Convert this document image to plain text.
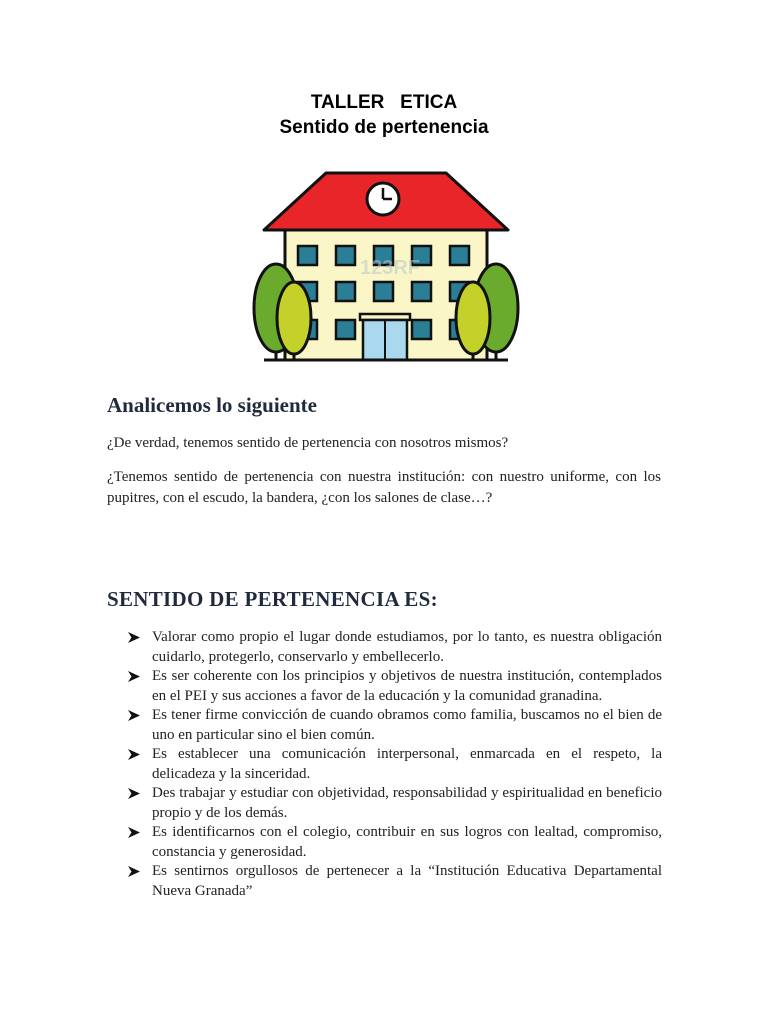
TALLER   ETICA
Sentido de pertenencia
123RF
Analicemos lo siguiente

¿De verdad, tenemos sentido de pertenencia con nosotros mismos?

¿Tenemos sentido de pertenencia con nuestra institución: con nuestro uniforme, con los pupitres, con el escudo, la bandera, ¿con los salones de clase…?

SENTIDO DE PERTENENCIA ES:
Valorar como propio el lugar donde estudiamos, por lo tanto, es nuestra obligación cuidarlo, protegerlo, conservarlo y embellecerlo.
Es ser coherente con los principios y objetivos de nuestra institución, contemplados en el PEI y sus acciones a favor de la educación y la comunidad granadina.
Es tener firme convicción de cuando obramos como familia, buscamos no el bien de uno en particular sino el bien común.
Es establecer una comunicación interpersonal, enmarcada en el respeto, la delicadeza y la sinceridad.
Des trabajar y estudiar con objetividad, responsabilidad y espiritualidad en beneficio propio y de los demás.
Es identificarnos con el colegio, contribuir en sus logros con lealtad, compromiso, constancia y generosidad.
Es sentirnos orgullosos de pertenecer a la “Institución Educativa Departamental Nueva Granada”
